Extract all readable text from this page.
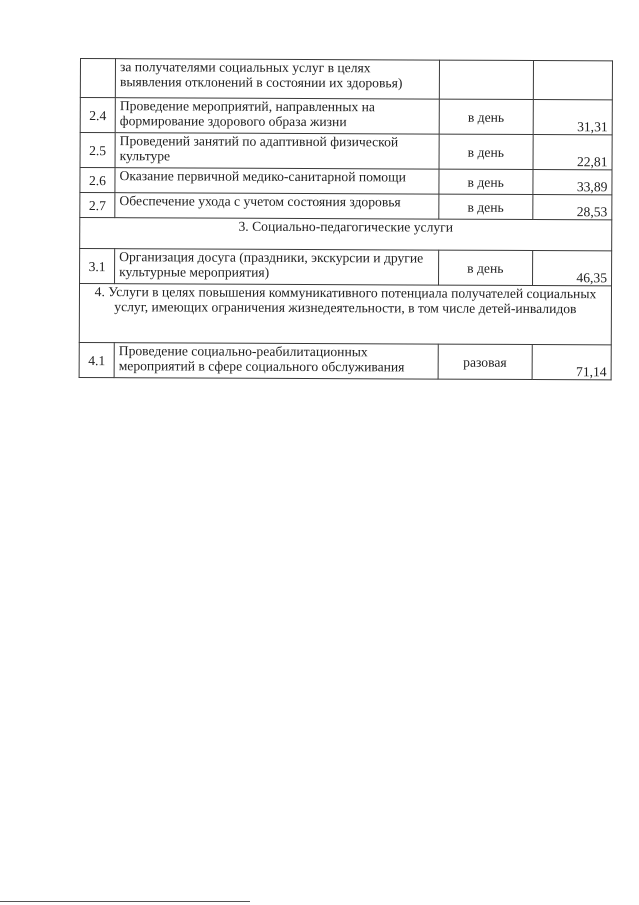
	за получателями социальных услуг в целях выявления отклонений в состоянии их здоровья)		
2.4	Проведение мероприятий, направленных на формирование здорового образа жизни	в день	31,31
2.5	Проведений занятий по адаптивной физической культуре	в день	22,81
2.6	Оказание первичной медико-санитарной помощи	в день	33,89
2.7	Обеспечение ухода с учетом состояния здоровья	в день	28,53
3. Социально-педагогические услуги			
3.1	Организация досуга (праздники, экскурсии и другие культурные мероприятия)	в день	46,35
4. Услуги в целях повышения коммуникативного потенциала получателей социальных услуг, имеющих ограничения жизнедеятельности, в том числе детей-инвалидов			
4.1	Проведение социально-реабилитационных мероприятий в сфере социального обслуживания	разовая	71,14
